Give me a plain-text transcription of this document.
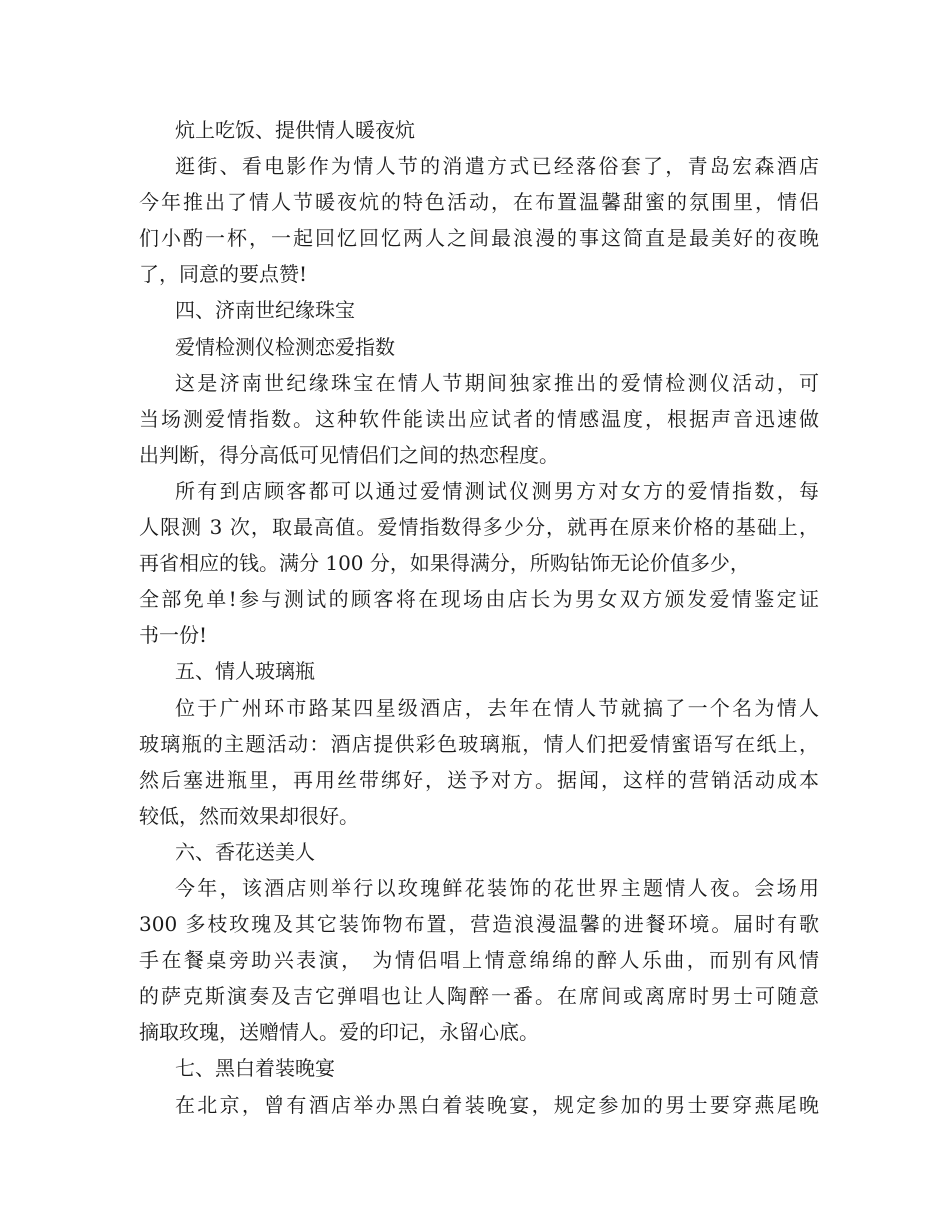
炕上吃饭、提供情人暖夜炕
逛街、看电影作为情人节的消遣方式已经落俗套了，青岛宏森酒店
今年推出了情人节暖夜炕的特色活动，在布置温馨甜蜜的氛围里，情侣
们小酌一杯，一起回忆回忆两人之间最浪漫的事这简直是最美好的夜晚
了，同意的要点赞!
四、济南世纪缘珠宝
爱情检测仪检测恋爱指数
这是济南世纪缘珠宝在情人节期间独家推出的爱情检测仪活动，可
当场测爱情指数。这种软件能读出应试者的情感温度，根据声音迅速做
出判断，得分高低可见情侣们之间的热恋程度。
所有到店顾客都可以通过爱情测试仪测男方对女方的爱情指数，每
人限测 3 次，取最高值。爱情指数得多少分，就再在原来价格的基础上，
再省相应的钱。满分 100 分，如果得满分，所购钻饰无论价值多少，
全部免单!参与测试的顾客将在现场由店长为男女双方颁发爱情鉴定证
书一份!
五、情人玻璃瓶
位于广州环市路某四星级酒店，去年在情人节就搞了一个名为情人
玻璃瓶的主题活动：酒店提供彩色玻璃瓶，情人们把爱情蜜语写在纸上，
然后塞进瓶里，再用丝带绑好，送予对方。据闻，这样的营销活动成本
较低，然而效果却很好。
六、香花送美人
今年，该酒店则举行以玫瑰鲜花装饰的花世界主题情人夜。会场用
300 多枝玫瑰及其它装饰物布置，营造浪漫温馨的进餐环境。届时有歌
手在餐桌旁助兴表演， 为情侣唱上情意绵绵的醉人乐曲，而别有风情
的萨克斯演奏及吉它弹唱也让人陶醉一番。在席间或离席时男士可随意
摘取玫瑰，送赠情人。爱的印记，永留心底。
七、黑白着装晚宴
在北京，曾有酒店举办黑白着装晚宴，规定参加的男士要穿燕尾晚
